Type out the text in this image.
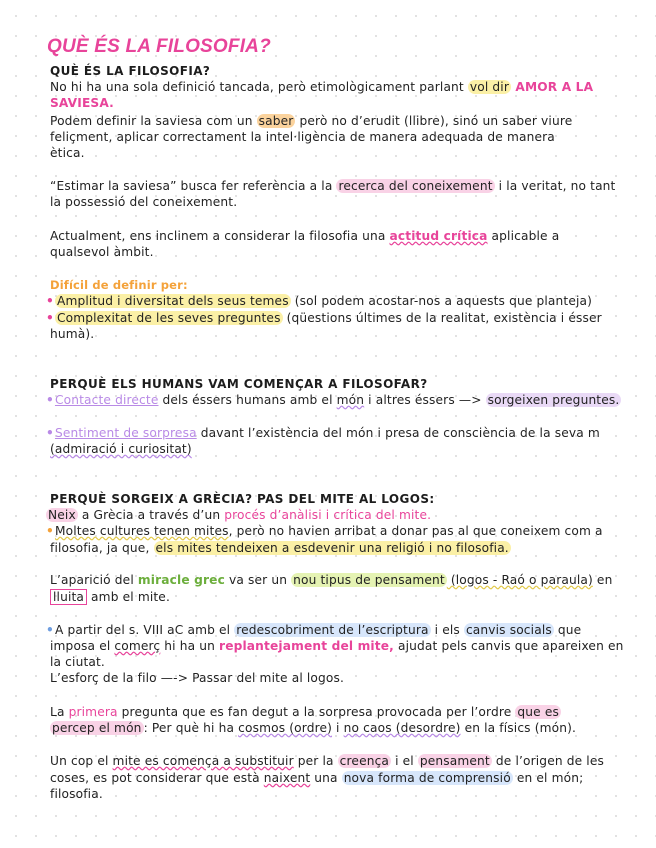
QUÈ ÉS LA FILOSOFIA?
QUÈ ÉS LA FILOSOFIA?
No hi ha una sola definició tancada, però etimològicament parlant vol dir AMOR A LA
SAVIESA.
Podem definir la saviesa com un saber però no d’erudit (llibre), sinó un saber viure
feliçment, aplicar correctament la intel·ligència de manera adequada de manera
ètica.
“Estimar la saviesa” busca fer referència a la recerca del coneixement i la veritat, no tant
la possessió del coneixement.
Actualment, ens inclinem a considerar la filosofia una actitud crítica aplicable a
qualsevol àmbit.
Difícil de definir per:
• Amplitud i diversitat dels seus temes (sol podem acostar-nos a aquests que planteja)
• Complexitat de les seves preguntes (qüestions últimes de la realitat, existència i ésser
humà).
PERQUÈ ELS HUMANS VAM COMENÇAR A FILOSOFAR?
•Contacte directe dels éssers humans amb el món i altres éssers —> sorgeixen preguntes.
•Sentiment de sorpresa davant l’existència del món i presa de consciència de la seva m
(admiració i curiositat)
PERQUÈ SORGEIX A GRÈCIA? PAS DEL MITE AL LOGOS:
Neix a Grècia a través d’un procés d’anàlisi i crítica del mite.
•Moltes cultures tenen mites, però no havien arribat a donar pas al que coneixem com a
filosofia, ja que, els mites tendeixen a esdevenir una religió i no filosofia.
L’aparició del miracle grec va ser un nou tipus de pensament (logos - Raó o paraula) en
lluita amb el mite.
•A partir del s. VIII aC amb el redescobriment de l’escriptura i els canvis socials que
imposa el comerç hi ha un replantejament del mite, ajudat pels canvis que apareixen en
la ciutat.
L’esforç de la filo —-> Passar del mite al logos.
La primera pregunta que es fan degut a la sorpresa provocada per l’ordre que es
percep el món : Per què hi ha cosmos (ordre) i no caos (desordre) en la físics (món).
Un cop el mite es comença a substituir per la creença i el pensament de l’origen de les
coses, es pot considerar que està naixent una nova forma de comprensió en el món;
filosofia.
